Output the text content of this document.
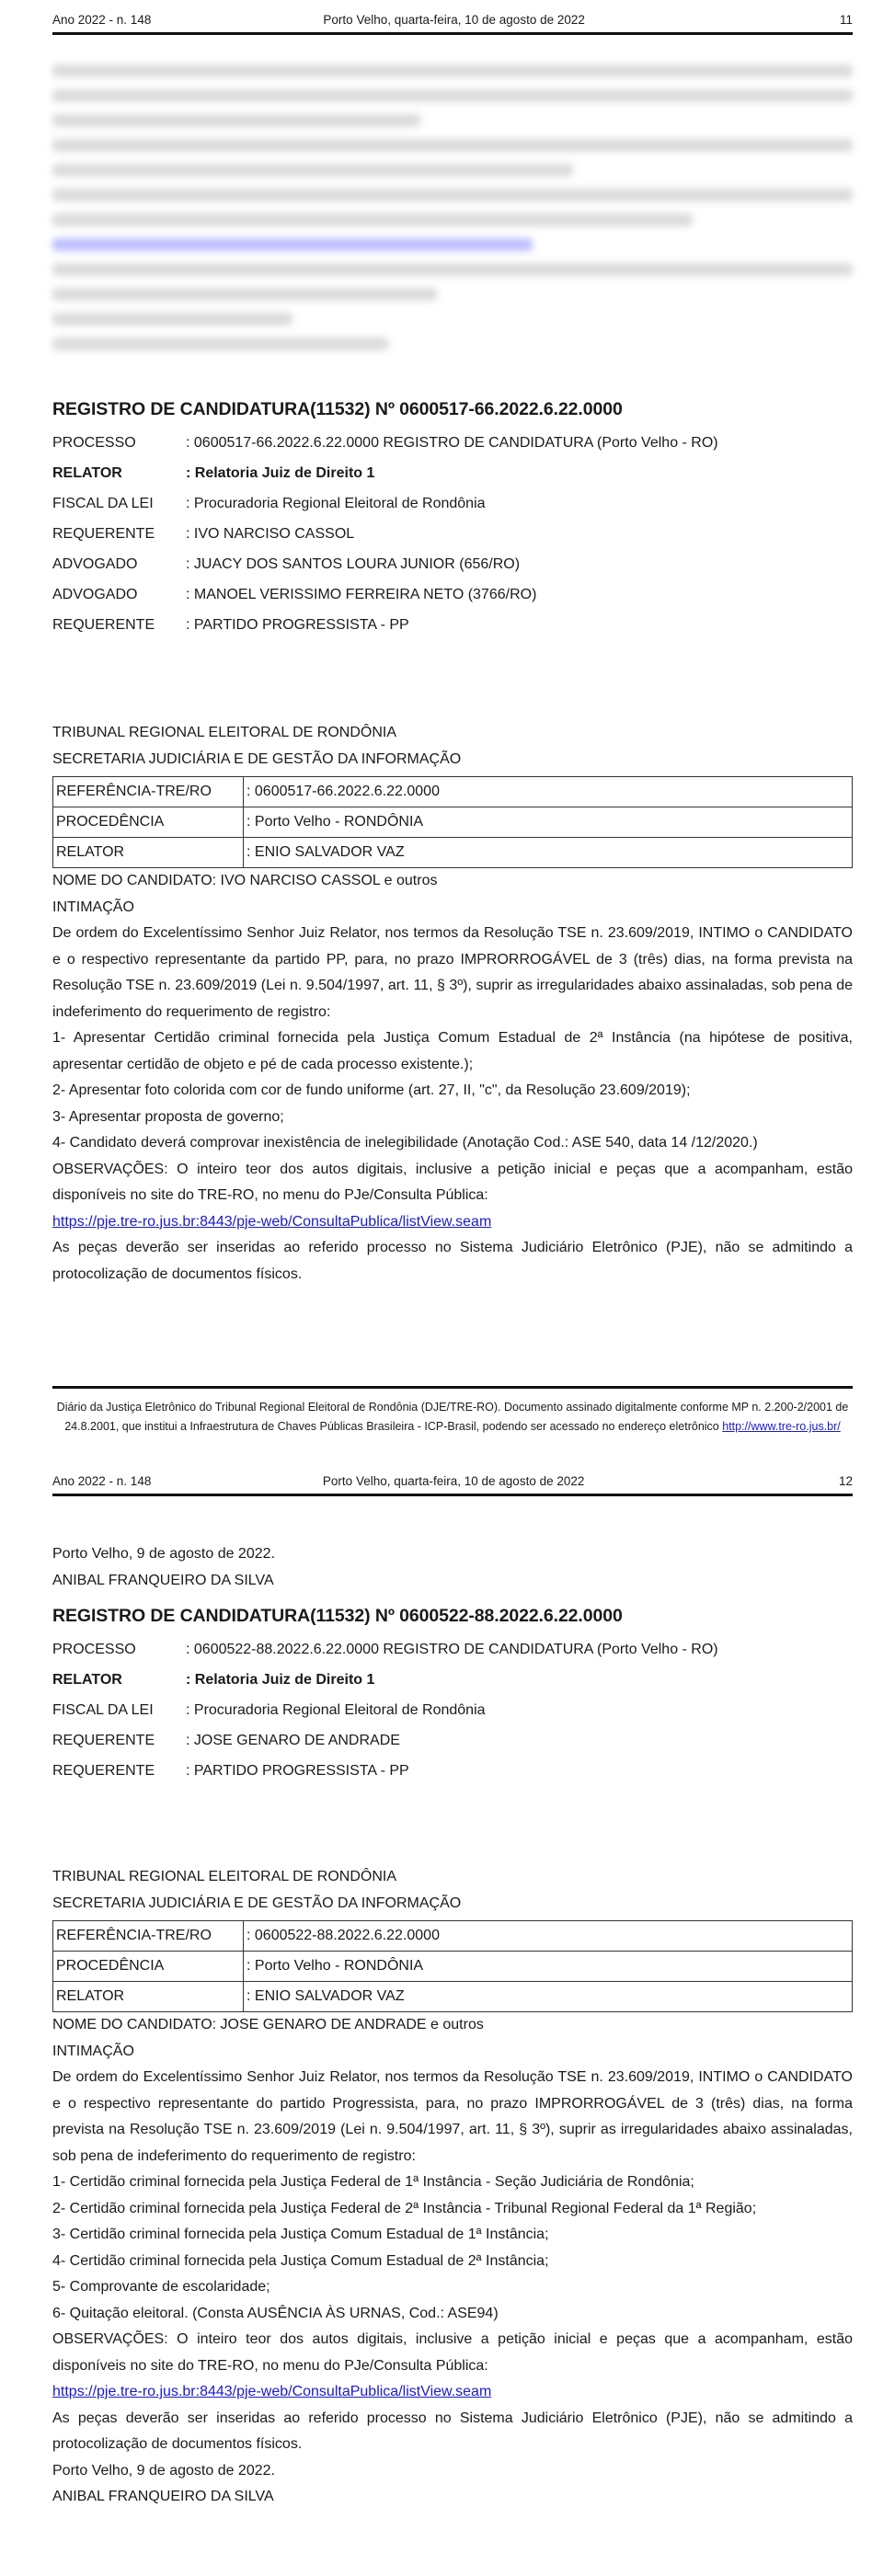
Ano 2022 - n. 148	Porto Velho, quarta-feira, 10 de agosto de 2022	11
REGISTRO DE CANDIDATURA(11532) Nº 0600517-66.2022.6.22.0000
PROCESSO	: 0600517-66.2022.6.22.0000 REGISTRO DE CANDIDATURA (Porto Velho - RO)
RELATOR	: Relatoria Juiz de Direito 1
FISCAL DA LEI	: Procuradoria Regional Eleitoral de Rondônia
REQUERENTE	: IVO NARCISO CASSOL
ADVOGADO	: JUACY DOS SANTOS LOURA JUNIOR (656/RO)
ADVOGADO	: MANOEL VERISSIMO FERREIRA NETO (3766/RO)
REQUERENTE	: PARTIDO PROGRESSISTA - PP

TRIBUNAL REGIONAL ELEITORAL DE RONDÔNIA

SECRETARIA JUDICIÁRIA E DE GESTÃO DA INFORMAÇÃO

REFERÊNCIA-TRE/RO	: 0600517-66.2022.6.22.0000
PROCEDÊNCIA	: Porto Velho - RONDÔNIA
RELATOR	: ENIO SALVADOR VAZ

NOME DO CANDIDATO: IVO NARCISO CASSOL e outros

INTIMAÇÃO

De ordem do Excelentíssimo Senhor Juiz Relator, nos termos da Resolução TSE n. 23.609/2019, INTIMO o CANDIDATO e o respectivo representante da partido PP, para, no prazo IMPRORROGÁVEL de 3 (três) dias, na forma prevista na Resolução TSE n. 23.609/2019 (Lei n. 9.504/1997, art. 11, § 3º), suprir as irregularidades abaixo assinaladas, sob pena de indeferimento do requerimento de registro:

1- Apresentar Certidão criminal fornecida pela Justiça Comum Estadual de 2ª Instância (na hipótese de positiva, apresentar certidão de objeto e pé de cada processo existente.);

2- Apresentar foto colorida com cor de fundo uniforme (art. 27, II, "c", da Resolução 23.609/2019);

3- Apresentar proposta de governo;

4- Candidato deverá comprovar inexistência de inelegibilidade (Anotação Cod.: ASE 540, data 14 /12/2020.)

OBSERVAÇÕES: O inteiro teor dos autos digitais, inclusive a petição inicial e peças que a acompanham, estão disponíveis no site do TRE-RO, no menu do PJe/Consulta Pública:

https://pje.tre-ro.jus.br:8443/pje-web/ConsultaPublica/listView.seam

As peças deverão ser inseridas ao referido processo no Sistema Judiciário Eletrônico (PJE), não se admitindo a protocolização de documentos físicos.

Diário da Justiça Eletrônico do Tribunal Regional Eleitoral de Rondônia (DJE/TRE-RO). Documento assinado digitalmente conforme MP n. 2.200-2/2001 de 24.8.2001, que institui a Infraestrutura de Chaves Públicas Brasileira - ICP-Brasil, podendo ser acessado no endereço eletrônico http://www.tre-ro.jus.br/
Ano 2022 - n. 148	Porto Velho, quarta-feira, 10 de agosto de 2022	12

Porto Velho, 9 de agosto de 2022.

ANIBAL FRANQUEIRO DA SILVA

REGISTRO DE CANDIDATURA(11532) Nº 0600522-88.2022.6.22.0000
PROCESSO	: 0600522-88.2022.6.22.0000 REGISTRO DE CANDIDATURA (Porto Velho - RO)
RELATOR	: Relatoria Juiz de Direito 1
FISCAL DA LEI	: Procuradoria Regional Eleitoral de Rondônia
REQUERENTE	: JOSE GENARO DE ANDRADE
REQUERENTE	: PARTIDO PROGRESSISTA - PP

TRIBUNAL REGIONAL ELEITORAL DE RONDÔNIA

SECRETARIA JUDICIÁRIA E DE GESTÃO DA INFORMAÇÃO

REFERÊNCIA-TRE/RO	: 0600522-88.2022.6.22.0000
PROCEDÊNCIA	: Porto Velho - RONDÔNIA
RELATOR	: ENIO SALVADOR VAZ

NOME DO CANDIDATO: JOSE GENARO DE ANDRADE e outros

INTIMAÇÃO

De ordem do Excelentíssimo Senhor Juiz Relator, nos termos da Resolução TSE n. 23.609/2019, INTIMO o CANDIDATO e o respectivo representante do partido Progressista, para, no prazo IMPRORROGÁVEL de 3 (três) dias, na forma prevista na Resolução TSE n. 23.609/2019 (Lei n. 9.504/1997, art. 11, § 3º), suprir as irregularidades abaixo assinaladas, sob pena de indeferimento do requerimento de registro:

1- Certidão criminal fornecida pela Justiça Federal de 1ª Instância - Seção Judiciária de Rondônia;

2- Certidão criminal fornecida pela Justiça Federal de 2ª Instância - Tribunal Regional Federal da 1ª Região;

3- Certidão criminal fornecida pela Justiça Comum Estadual de 1ª Instância;

4- Certidão criminal fornecida pela Justiça Comum Estadual de 2ª Instância;

5- Comprovante de escolaridade;

6- Quitação eleitoral. (Consta AUSÊNCIA ÀS URNAS, Cod.: ASE94)

OBSERVAÇÕES: O inteiro teor dos autos digitais, inclusive a petição inicial e peças que a acompanham, estão disponíveis no site do TRE-RO, no menu do PJe/Consulta Pública:

https://pje.tre-ro.jus.br:8443/pje-web/ConsultaPublica/listView.seam

As peças deverão ser inseridas ao referido processo no Sistema Judiciário Eletrônico (PJE), não se admitindo a protocolização de documentos físicos.

Porto Velho, 9 de agosto de 2022.

ANIBAL FRANQUEIRO DA SILVA
